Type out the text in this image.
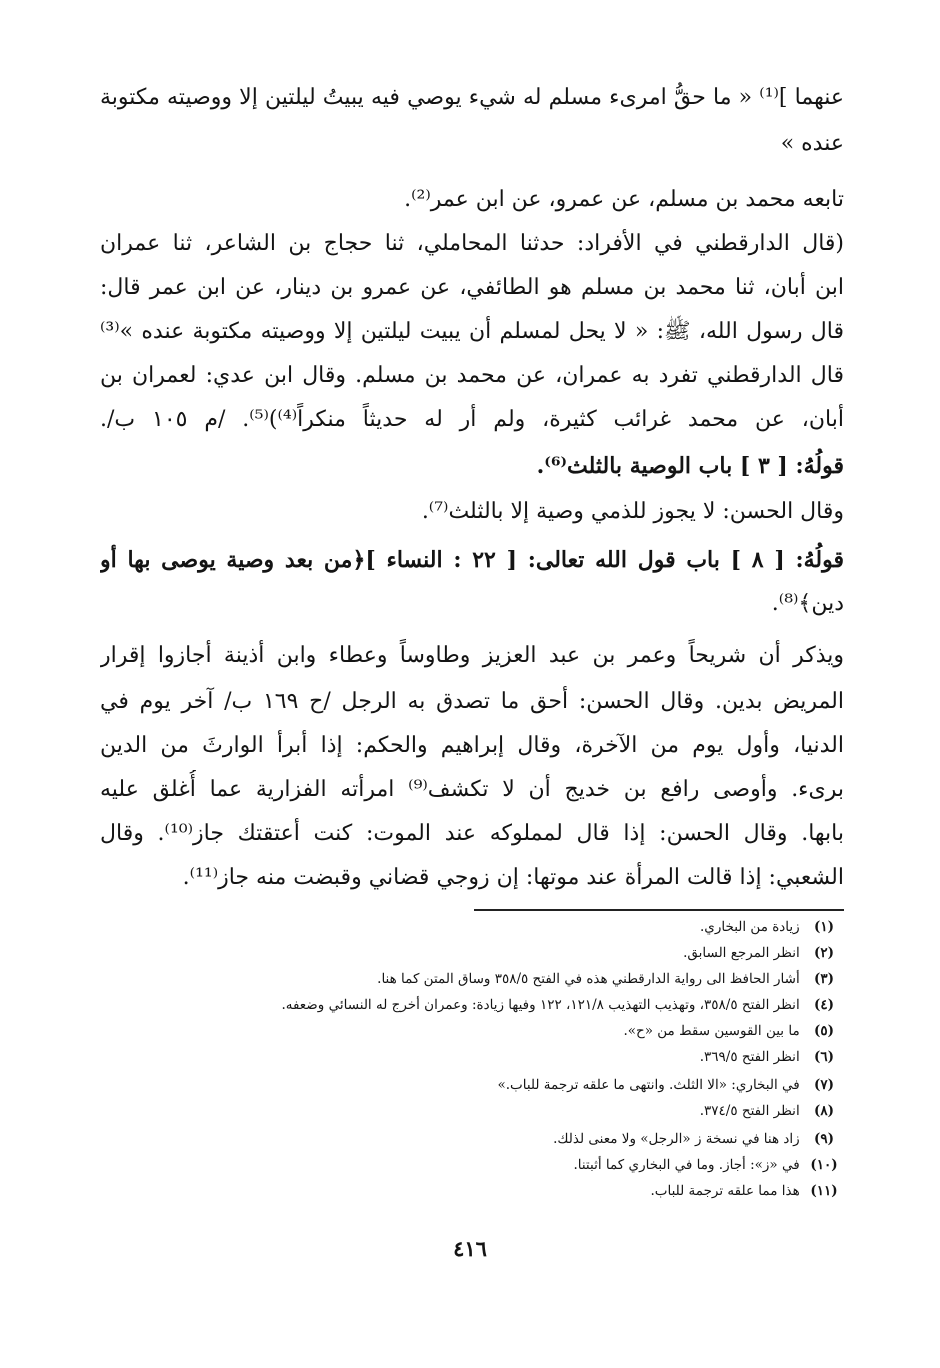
عنهما ]⁽¹⁾ « ما حقُّ امرىء مسلم له شيء يوصي فيه يبيتُ ليلتين إلا ووصيته مكتوبة
عنده »
تابعه محمد بن مسلم، عن عمرو، عن ابن عمر⁽²⁾.
(قال الدارقطني في الأفراد: حدثنا المحاملي، ثنا حجاج بن الشاعر، ثنا عمران
ابن أبان، ثنا محمد بن مسلم هو الطائفي، عن عمرو بن دينار، عن ابن عمر قال:
قال رسول الله، ﷺ: « لا يحل لمسلم أن يبيت ليلتين إلا ووصيته مكتوبة عنده »⁽³⁾
قال الدارقطني تفرد به عمران، عن محمد بن مسلم. وقال ابن عدي: لعمران بن
أبان، عن محمد غرائب كثيرة، ولم أر له حديثاً منكراً⁽⁴⁾)⁽⁵⁾. /م ١٠٥ ب/.
قولُهُ: [ ٣ ] باب الوصية بالثلث⁽⁶⁾.
وقال الحسن: لا يجوز للذمي وصية إلا بالثلث⁽⁷⁾.
قولُهُ: [ ٨ ] باب قول الله تعالى: [ ٢٢ : النساء ]﴿من بعد وصية يوصى بها أو
دين﴾⁽⁸⁾.
ويذكر أن شريحاً وعمر بن عبد العزيز وطاوساً وعطاء وابن أذينة أجازوا إقرار
المريض بدين. وقال الحسن: أحق ما تصدق به الرجل /ح ١٦٩ ب/ آخر يوم في
الدنيا، وأول يوم من الآخرة، وقال إبراهيم والحكم: إذا أبرأ الوارثَ من الدين
برىء. وأوصى رافع بن خديج أن لا تكشف⁽⁹⁾ امرأته الفزارية عما أُغلق عليه
بابها. وقال الحسن: إذا قال لمملوكه عند الموت: كنت أعتقتك جاز⁽¹⁰⁾. وقال
الشعبي: إذا قالت المرأة عند موتها: إن زوجي قضاني وقبضت منه جاز⁽¹¹⁾.
(١) زيادة من البخاري.
(٢) انظر المرجع السابق.
(٣) أشار الحافظ الى رواية الدارقطني هذه في الفتح ٣٥٨/٥ وساق المتن كما هنا.
(٤) انظر الفتح ٣٥٨/٥، وتهذيب التهذيب ١٢١/٨، ١٢٢ وفيها زيادة: وعمران أخرج له النسائي وضعفه.
(٥) ما بين القوسين سقط من «ح».
(٦) انظر الفتح ٣٦٩/٥.
(٧) في البخاري: «الا الثلث. وانتهى ما علقه ترجمة للباب.»
(٨) انظر الفتح ٣٧٤/٥.
(٩) زاد هنا في نسخة ز «الرجل» ولا معنى لذلك.
(١٠) في «ز»: أجاز. وما في البخاري كما أثبتنا.
(١١) هذا مما علقه ترجمة للباب.
٤١٦
